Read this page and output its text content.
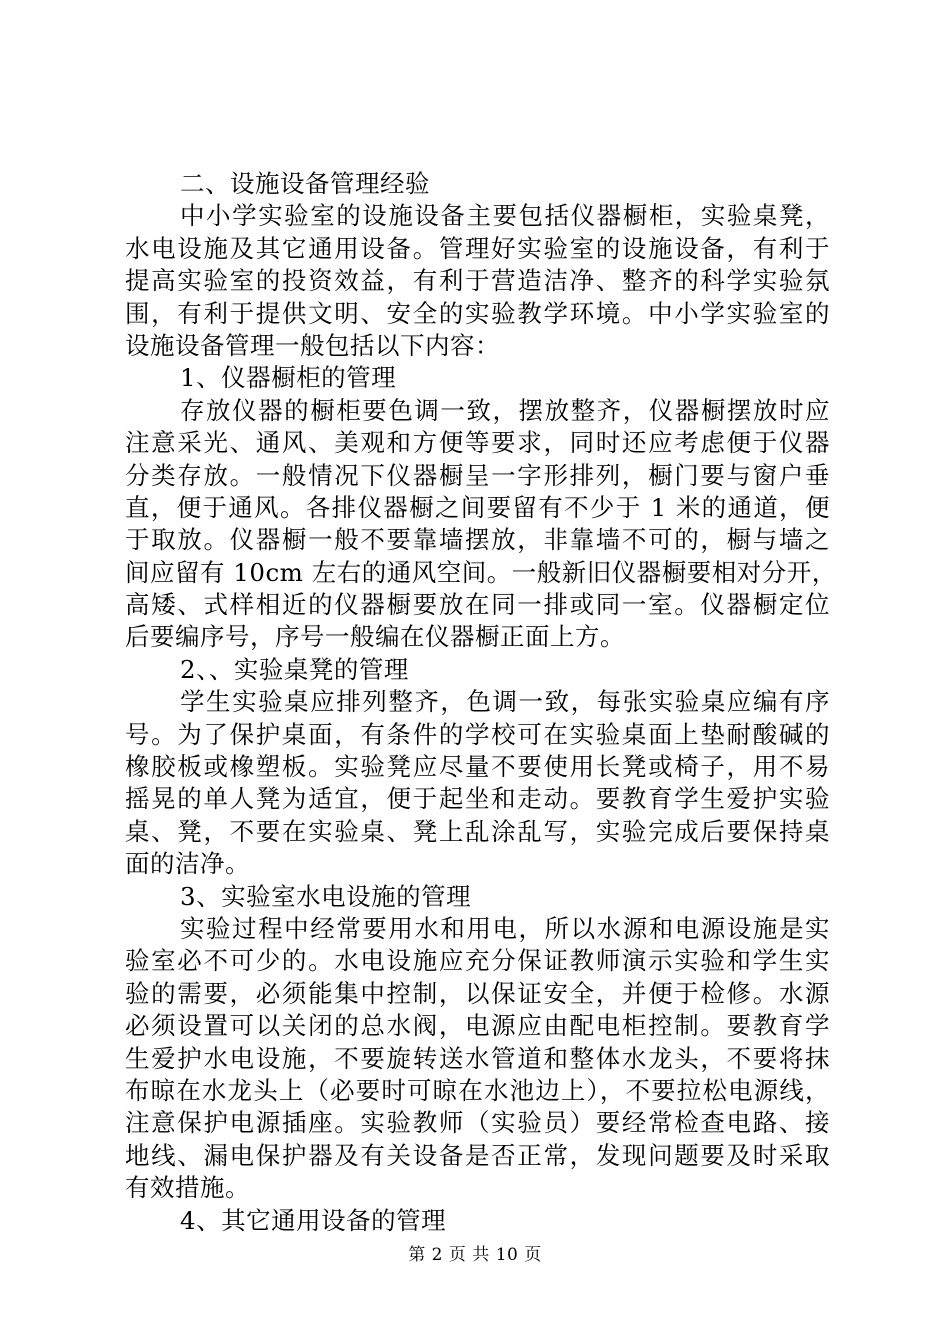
二、设施设备管理经验
中小学实验室的设施设备主要包括仪器橱柜，实验桌凳，
水电设施及其它通用设备。管理好实验室的设施设备，有利于
提高实验室的投资效益，有利于营造洁净、整齐的科学实验氛
围，有利于提供文明、安全的实验教学环境。中小学实验室的
设施设备管理一般包括以下内容：
1、仪器橱柜的管理
存放仪器的橱柜要色调一致，摆放整齐，仪器橱摆放时应
注意采光、通风、美观和方便等要求，同时还应考虑便于仪器
分类存放。一般情况下仪器橱呈一字形排列，橱门要与窗户垂
直，便于通风。各排仪器橱之间要留有不少于 1 米的通道，便
于取放。仪器橱一般不要靠墙摆放，非靠墙不可的，橱与墙之
间应留有 10cm 左右的通风空间。一般新旧仪器橱要相对分开，
高矮、式样相近的仪器橱要放在同一排或同一室。仪器橱定位
后要编序号，序号一般编在仪器橱正面上方。
2、、实验桌凳的管理
学生实验桌应排列整齐，色调一致，每张实验桌应编有序
号。为了保护桌面，有条件的学校可在实验桌面上垫耐酸碱的
橡胶板或橡塑板。实验凳应尽量不要使用长凳或椅子，用不易
摇晃的单人凳为适宜，便于起坐和走动。要教育学生爱护实验
桌、凳，不要在实验桌、凳上乱涂乱写，实验完成后要保持桌
面的洁净。
3、实验室水电设施的管理
实验过程中经常要用水和用电，所以水源和电源设施是实
验室必不可少的。水电设施应充分保证教师演示实验和学生实
验的需要，必须能集中控制，以保证安全，并便于检修。水源
必须设置可以关闭的总水阀，电源应由配电柜控制。要教育学
生爱护水电设施，不要旋转送水管道和整体水龙头，不要将抹
布晾在水龙头上（必要时可晾在水池边上），不要拉松电源线，
注意保护电源插座。实验教师（实验员）要经常检查电路、接
地线、漏电保护器及有关设备是否正常，发现问题要及时采取
有效措施。
4、其它通用设备的管理
第 2 页 共 10 页
